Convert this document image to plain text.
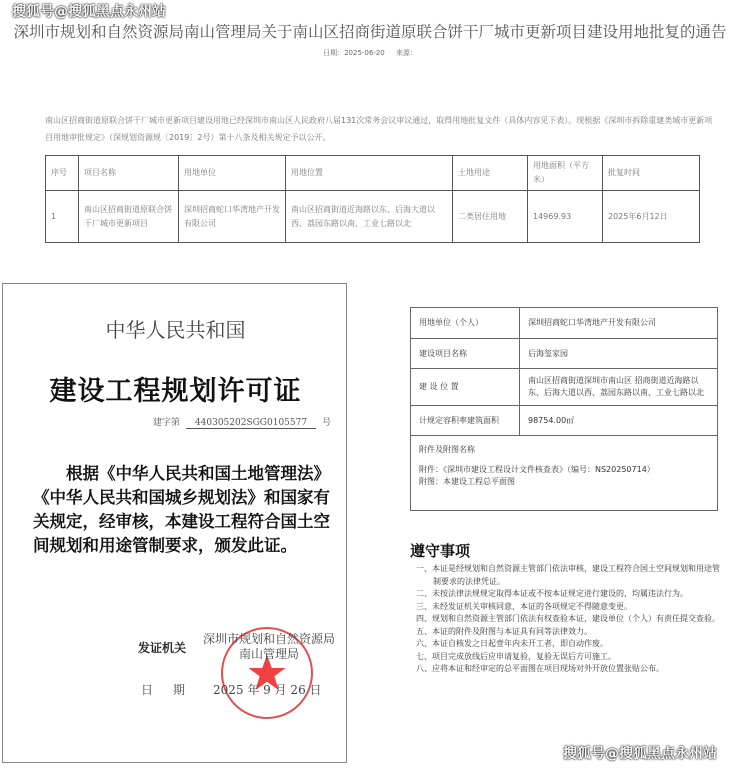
搜狐号@搜狐黑点永州站
深圳市规划和自然资源局南山管理局关于南山区招商街道原联合饼干厂城市更新项目建设用地批复的通告
日期：2025-06-20 来源：
南山区招商街道原联合饼干厂城市更新项目建设用地已经深圳市南山区人民政府八届131次常务会议审议通过，取得用地批复文件（具体内容见下表）。现根据《深圳市拆除重建类城市更新项目用地审批规定》（深规划资源规〔2019〕2号）第十八条及相关规定予以公开。
序号	项目名称	用地单位	用地位置	土地用途	用地面积（平方米）	批复时间
1	南山区招商街道原联合饼干厂城市更新项目	深圳招商蛇口华湾地产开发有限公司	南山区招商街道近海路以东、后海大道以西、荔园东路以南、工业七路以北	二类居住用地	14969.93	2025年6月12日
中华人民共和国
建设工程规划许可证
建字第 440305202SGG0105577 号
根据《中华人民共和国土地管理法》《中华人民共和国城乡规划法》和国家有关规定，经审核，本建设工程符合国土空间规划和用途管制要求，颁发此证。
发证机关
深圳市规划和自然资源局
南山管理局
日期 2025 年 9 月 26 日
用地单位（个人）	深圳招商蛇口华湾地产开发有限公司
建设项目名称	后海玺家园
建 设 位 置	南山区招商街道深圳市南山区 招商街道近海路以东、后海大道以西、荔园东路以南、工业七路以北
计规定容积率建筑面积	98754.00㎡

附件及附图名称
附件：《深圳市建设工程设计文件核查表》（编号：NS20250714）
附图：本建设工程总平面图	
遵守事项
一、本证是经规划和自然资源主管部门依法审核，建设工程符合国土空间规划和用途管制要求的法律凭证。
二、未按法律法规规定取得本证或不按本证规定进行建设的，均属违法行为。
三、未经发证机关审核同意，本证的各项规定不得随意变更。
四、规划和自然资源主管部门依法有权查验本证，建设单位（个人）有责任提交查验。
五、本证的附件及附图与本证具有同等法律效力。
六、本证自核发之日起壹年内未开工者，即自动作废。
七、项目完成放线后应申请复验，复验无误后方可施工。
八、应将本证和经审定的总平面图在项目现场对外开放位置张贴公布。
搜狐号@搜狐黑点永州站
